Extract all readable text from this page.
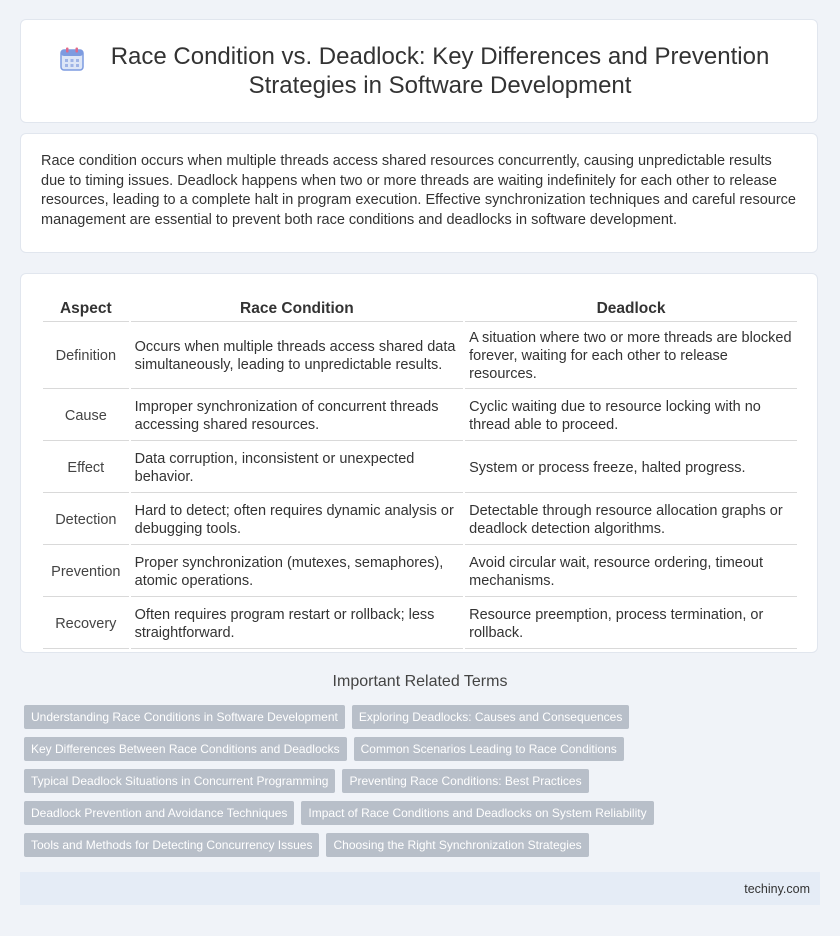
Race Condition vs. Deadlock: Key Differences and Prevention Strategies in Software Development

Race condition occurs when multiple threads access shared resources concurrently, causing unpredictable results due to timing issues. Deadlock happens when two or more threads are waiting indefinitely for each other to release resources, leading to a complete halt in program execution. Effective synchronization techniques and careful resource management are essential to prevent both race conditions and deadlocks in software development.

Aspect	Race Condition	Deadlock
Definition	Occurs when multiple threads access shared data simultaneously, leading to unpredictable results.	A situation where two or more threads are blocked forever, waiting for each other to release resources.
Cause	Improper synchronization of concurrent threads accessing shared resources.	Cyclic waiting due to resource locking with no thread able to proceed.
Effect	Data corruption, inconsistent or unexpected behavior.	System or process freeze, halted progress.
Detection	Hard to detect; often requires dynamic analysis or debugging tools.	Detectable through resource allocation graphs or deadlock detection algorithms.
Prevention	Proper synchronization (mutexes, semaphores), atomic operations.	Avoid circular wait, resource ordering, timeout mechanisms.
Recovery	Often requires program restart or rollback; less straightforward.	Resource preemption, process termination, or rollback.
Important Related Terms
Understanding Race Conditions in Software Development	Exploring Deadlocks: Causes and Consequences
Key Differences Between Race Conditions and Deadlocks	Common Scenarios Leading to Race Conditions
Typical Deadlock Situations in Concurrent Programming	Preventing Race Conditions: Best Practices
Deadlock Prevention and Avoidance Techniques	Impact of Race Conditions and Deadlocks on System Reliability
Tools and Methods for Detecting Concurrency Issues	Choosing the Right Synchronization Strategies
techiny.com
